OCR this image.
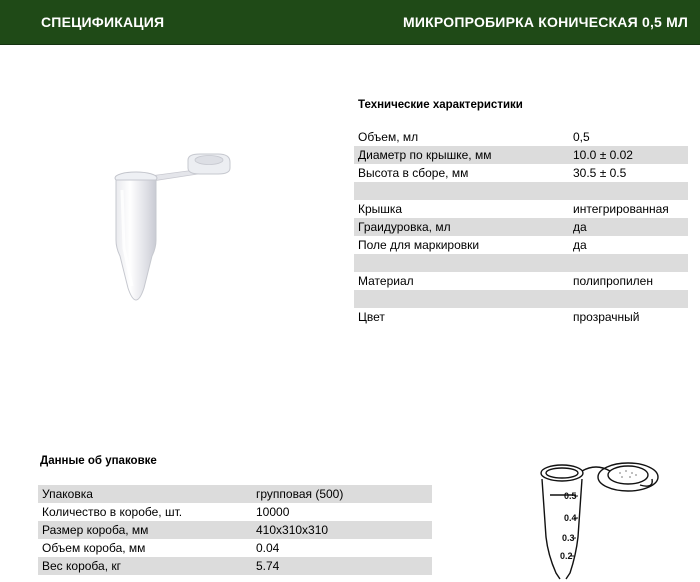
СПЕЦИФИКАЦИЯ	МИКРОПРОБИРКА КОНИЧЕСКАЯ 0,5 МЛ
Технические характеристики
Объем, мл	0,5
Диаметр по крышке, мм	10.0 ± 0.02
Высота в сборе, мм	30.5 ± 0.5
Крышка	интегрированная
Граидуровка, мл	да
Поле для маркировки	да
Материал	полипропилен
Цвет	прозрачный
Данные об упаковке
Упаковка	групповая (500)
Количество в коробе, шт.	10000
Размер короба, мм	410x310x310
Объем короба, мм	0.04
Вес короба, кг	5.74
0.5
0.4
0.3
0.2
